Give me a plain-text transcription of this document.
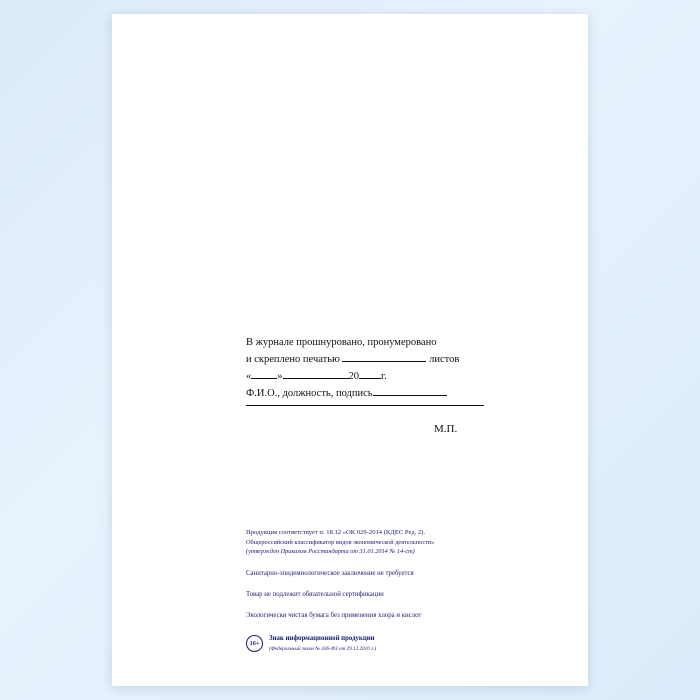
В журнале прошнуровано, пронумеровано
и скреплено печатью	листов
« »	20 г.
Ф.И.О., должность, подпись
М.П.
Продукция соответствует п. 18.12 «ОК 029-2014 (КДЕС Ред. 2).
Общероссийский классификатор видов экономической деятельности»
(утвержден Приказом Росстандарта от 31.01.2014 № 14-ст)
Санитарно-эпидемиологическое заключение не требуется
Товар не подлежит обязательной сертификации
Экологически чистая бумага без применения хлора и кислот
16+
Знак информационной продукции
(Федеральный закон № 436-ФЗ от 29.12.2010 г.)
